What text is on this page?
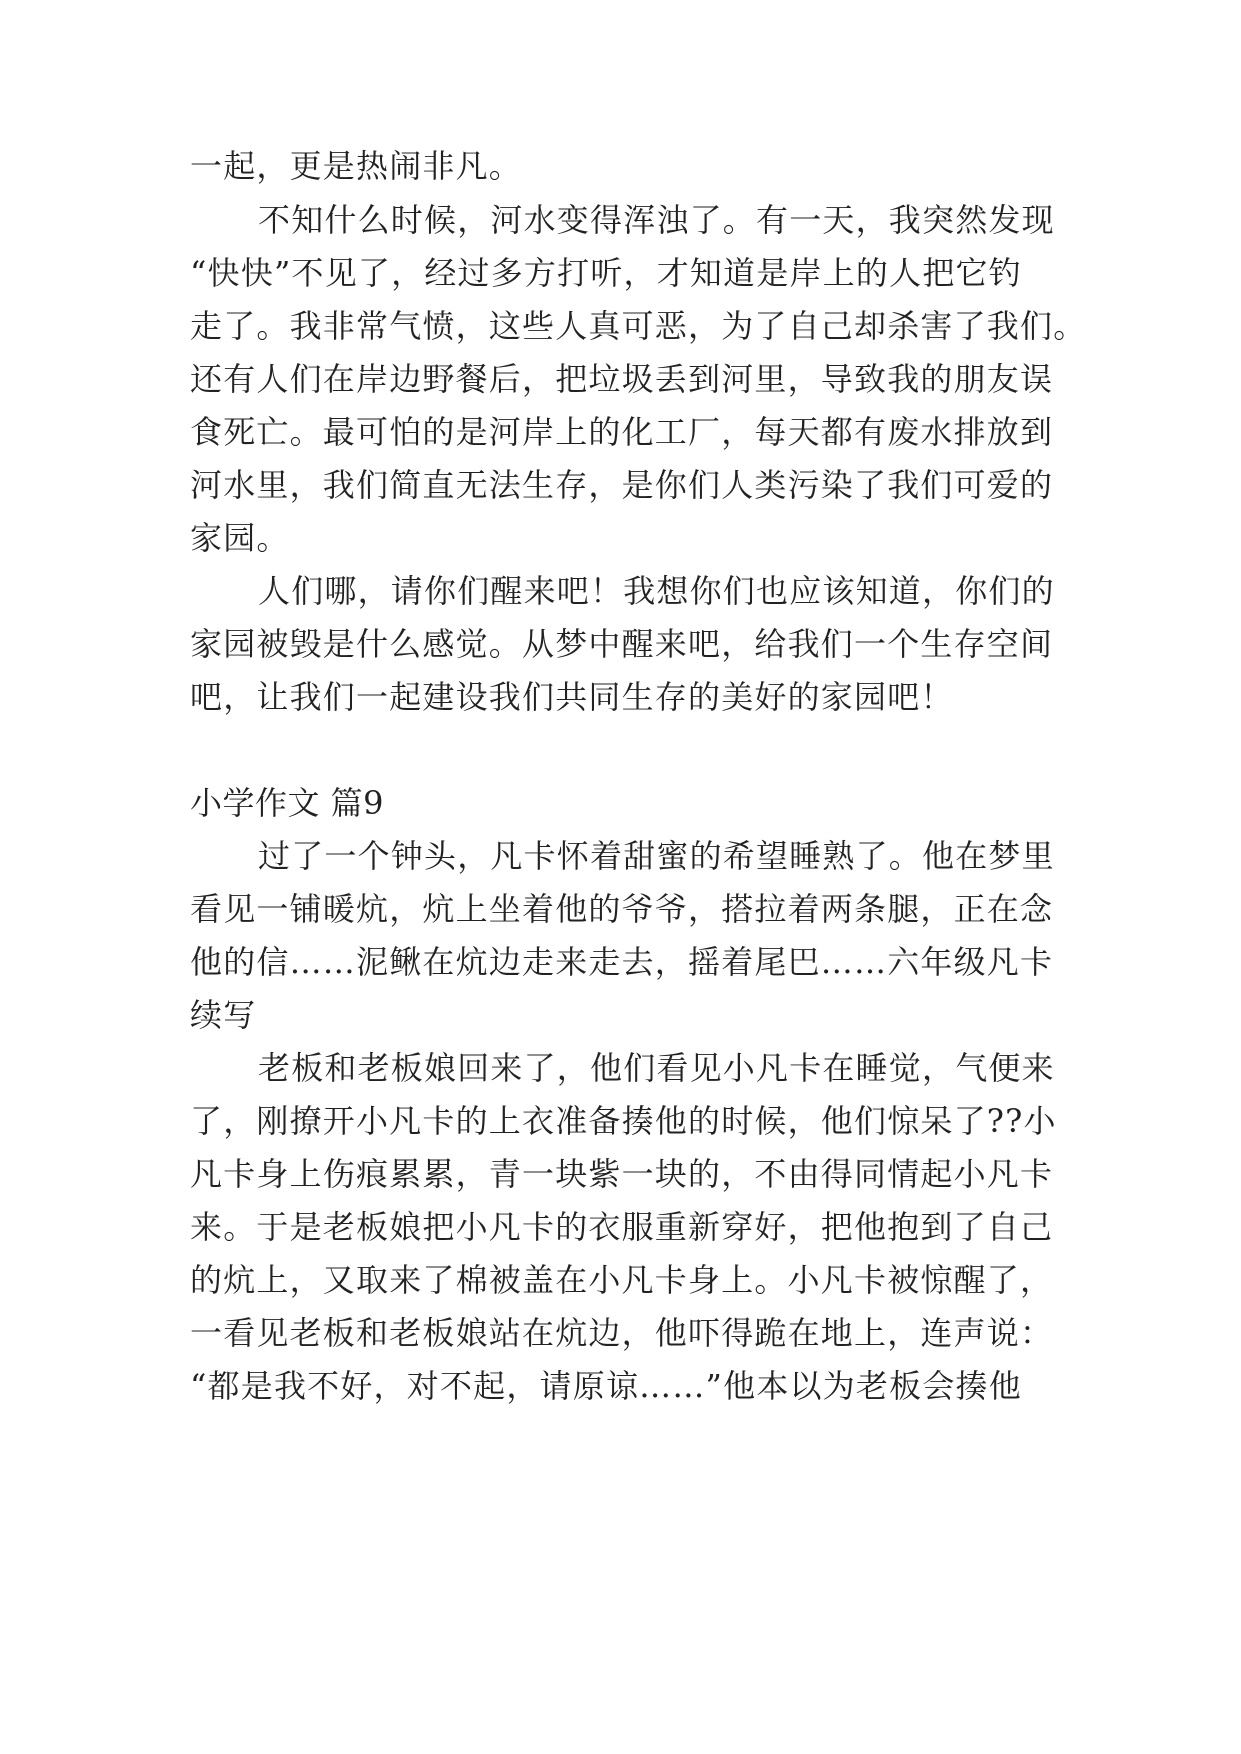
一起，更是热闹非凡。
不知什么时候，河水变得浑浊了。有一天，我突然发现
“快快”不见了，经过多方打听，才知道是岸上的人把它钓
走了。我非常气愤，这些人真可恶，为了自己却杀害了我们。
还有人们在岸边野餐后，把垃圾丢到河里，导致我的朋友误
食死亡。最可怕的是河岸上的化工厂，每天都有废水排放到
河水里，我们简直无法生存，是你们人类污染了我们可爱的
家园。
人们哪，请你们醒来吧！我想你们也应该知道，你们的
家园被毁是什么感觉。从梦中醒来吧，给我们一个生存空间
吧，让我们一起建设我们共同生存的美好的家园吧！
小学作文 篇9
过了一个钟头，凡卡怀着甜蜜的希望睡熟了。他在梦里
看见一铺暖炕，炕上坐着他的爷爷，搭拉着两条腿，正在念
他的信……泥鳅在炕边走来走去，摇着尾巴……六年级凡卡
续写
老板和老板娘回来了，他们看见小凡卡在睡觉，气便来
了，刚撩开小凡卡的上衣准备揍他的时候，他们惊呆了??小
凡卡身上伤痕累累，青一块紫一块的，不由得同情起小凡卡
来。于是老板娘把小凡卡的衣服重新穿好，把他抱到了自己
的炕上，又取来了棉被盖在小凡卡身上。小凡卡被惊醒了，
一看见老板和老板娘站在炕边，他吓得跪在地上，连声说：
“都是我不好，对不起，请原谅……”他本以为老板会揍他
